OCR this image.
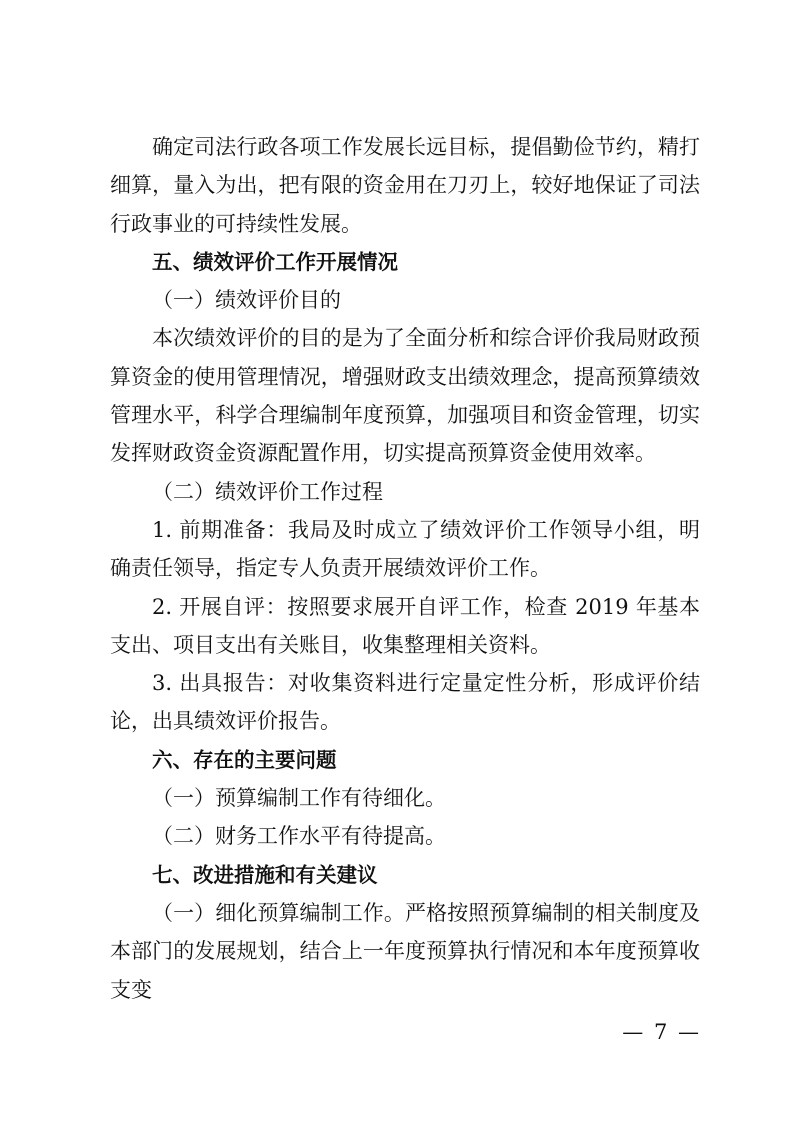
确定司法行政各项工作发展长远目标，提倡勤俭节约，精打细算，量入为出，把有限的资金用在刀刃上，较好地保证了司法行政事业的可持续性发展。

五、绩效评价工作开展情况

（一）绩效评价目的

本次绩效评价的目的是为了全面分析和综合评价我局财政预算资金的使用管理情况，增强财政支出绩效理念，提高预算绩效管理水平，科学合理编制年度预算，加强项目和资金管理，切实发挥财政资金资源配置作用，切实提高预算资金使用效率。

（二）绩效评价工作过程

1. 前期准备：我局及时成立了绩效评价工作领导小组，明确责任领导，指定专人负责开展绩效评价工作。

2. 开展自评：按照要求展开自评工作，检查 2019 年基本支出、项目支出有关账目，收集整理相关资料。

3. 出具报告：对收集资料进行定量定性分析，形成评价结论，出具绩效评价报告。

六、存在的主要问题

（一）预算编制工作有待细化。

（二）财务工作水平有待提高。

七、改进措施和有关建议

（一）细化预算编制工作。严格按照预算编制的相关制度及本部门的发展规划，结合上一年度预算执行情况和本年度预算收支变

— 7 —
